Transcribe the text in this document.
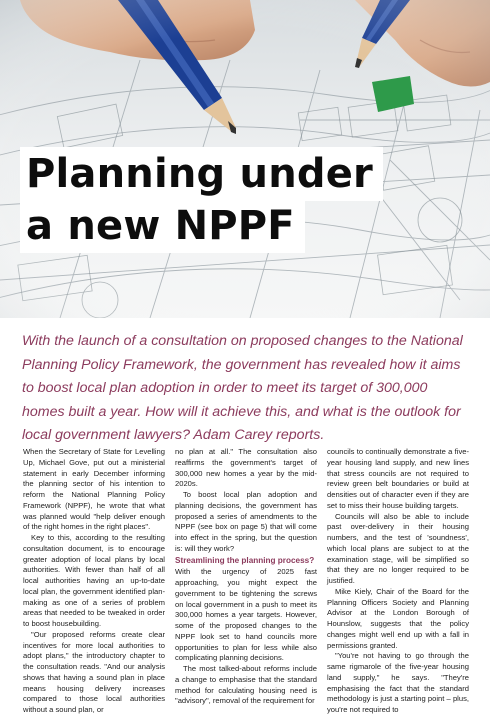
Planning under
a new NPPF

With the launch of a consultation on proposed changes to the National Planning Policy Framework, the government has revealed how it aims to boost local plan adoption in order to meet its target of 300,000 homes built a year. How will it achieve this, and what is the outlook for local government lawyers? Adam Carey reports.

When the Secretary of State for Levelling Up, Michael Gove, put out a ministerial statement in early December informing the planning sector of his intention to reform the National Planning Policy Framework (NPPF), he wrote that what was planned would "help deliver enough of the right homes in the right places".

Key to this, according to the resulting consultation document, is to encourage greater adoption of local plans by local authorities. With fewer than half of all local authorities having an up-to-date local plan, the government identified plan-making as one of a series of problem areas that needed to be tweaked in order to boost housebuilding.

"Our proposed reforms create clear incentives for more local authorities to adopt plans," the introductory chapter to the consultation reads. "And our analysis shows that having a sound plan in place means housing delivery increases compared to those local authorities without a sound plan, or

no plan at all." The consultation also reaffirms the government's target of 300,000 new homes a year by the mid-2020s.

To boost local plan adoption and planning decisions, the government has proposed a series of amendments to the NPPF (see box on page 5) that will come into effect in the spring, but the question is: will they work?

Streamlining the planning process?

With the urgency of 2025 fast approaching, you might expect the government to be tightening the screws on local government in a push to meet its 300,000 homes a year targets. However, some of the proposed changes to the NPPF look set to hand councils more opportunities to plan for less while also complicating planning decisions.

The most talked-about reforms include a change to emphasise that the standard method for calculating housing need is "advisory", removal of the requirement for

councils to continually demonstrate a five-year housing land supply, and new lines that stress councils are not required to review green belt boundaries or build at densities out of character even if they are set to miss their house building targets.

Councils will also be able to include past over-delivery in their housing numbers, and the test of 'soundness', which local plans are subject to at the examination stage, will be simplified so that they are no longer required to be justified.

Mike Kiely, Chair of the Board for the Planning Officers Society and Planning Advisor at the London Borough of Hounslow, suggests that the policy changes might well end up with a fall in permissions granted.

"You're not having to go through the same rigmarole of the five-year housing land supply," he says. "They're emphasising the fact that the standard methodology is just a starting point – plus, you're not required to
